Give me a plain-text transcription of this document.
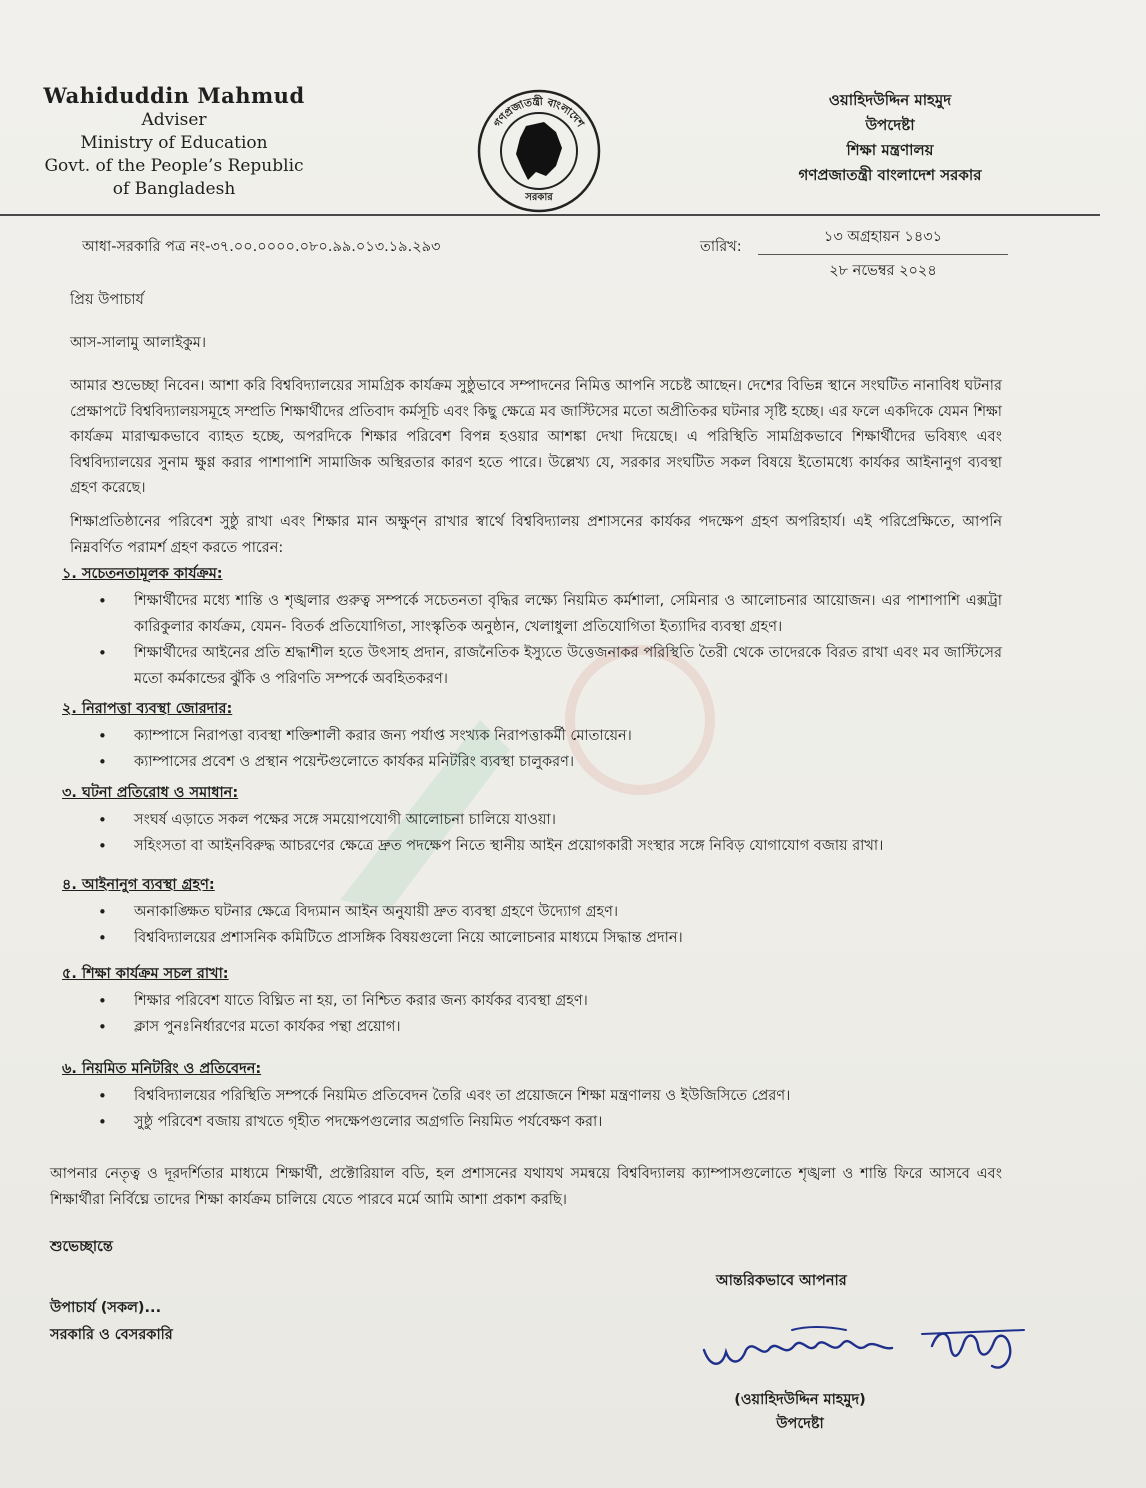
Wahiduddin Mahmud
Adviser
Ministry of Education
Govt. of the People’s Republic
of Bangladesh
গণপ্রজাতন্ত্রী বাংলাদেশ
সরকার
ওয়াহিদউদ্দিন মাহমুদ
উপদেষ্টা
শিক্ষা মন্ত্রণালয়
গণপ্রজাতন্ত্রী বাংলাদেশ সরকার
আধা-সরকারি পত্র নং-৩৭.০০.০০০০.০৮০.৯৯.০১৩.১৯.২৯৩	তারিখ:
১৩ অগ্রহায়ন ১৪৩১
২৮ নভেম্বর ২০২৪
প্রিয় উপাচার্য
আস-সালামু আলাইকুম।
আমার শুভেচ্ছা নিবেন। আশা করি বিশ্ববিদ্যালয়ের সামগ্রিক কার্যক্রম সুষ্ঠুভাবে সম্পাদনের নিমিত্ত আপনি সচেষ্ট আছেন। দেশের বিভিন্ন স্থানে সংঘটিত নানাবিধ ঘটনার প্রেক্ষাপটে বিশ্ববিদ্যালয়সমূহে সম্প্রতি শিক্ষার্থীদের প্রতিবাদ কর্মসূচি এবং কিছু ক্ষেত্রে মব জাস্টিসের মতো অপ্রীতিকর ঘটনার সৃষ্টি হচ্ছে। এর ফলে একদিকে যেমন শিক্ষা কার্যক্রম মারাত্মকভাবে ব্যাহত হচ্ছে, অপরদিকে শিক্ষার পরিবেশ বিপন্ন হওয়ার আশঙ্কা দেখা দিয়েছে। এ পরিস্থিতি সামগ্রিকভাবে শিক্ষার্থীদের ভবিষ্যৎ এবং বিশ্ববিদ্যালয়ের সুনাম ক্ষুণ্ণ করার পাশাপাশি সামাজিক অস্থিরতার কারণ হতে পারে। উল্লেখ্য যে, সরকার সংঘটিত সকল বিষয়ে ইতোমধ্যে কার্যকর আইনানুগ ব্যবস্থা গ্রহণ করেছে।
শিক্ষাপ্রতিষ্ঠানের পরিবেশ সুষ্ঠু রাখা এবং শিক্ষার মান অক্ষুণ্ন রাখার স্বার্থে বিশ্ববিদ্যালয় প্রশাসনের কার্যকর পদক্ষেপ গ্রহণ অপরিহার্য। এই পরিপ্রেক্ষিতে, আপনি নিম্নবর্ণিত পরামর্শ গ্রহণ করতে পারেন:
১. সচেতনতামূলক কার্যক্রম:
• শিক্ষার্থীদের মধ্যে শান্তি ও শৃঙ্খলার গুরুত্ব সম্পর্কে সচেতনতা বৃদ্ধির লক্ষ্যে নিয়মিত কর্মশালা, সেমিনার ও আলোচনার আয়োজন। এর পাশাপাশি এক্সট্রা কারিকুলার কার্যক্রম, যেমন- বিতর্ক প্রতিযোগিতা, সাংস্কৃতিক অনুষ্ঠান, খেলাধুলা প্রতিযোগিতা ইত্যাদির ব্যবস্থা গ্রহণ।
• শিক্ষার্থীদের আইনের প্রতি শ্রদ্ধাশীল হতে উৎসাহ প্রদান, রাজনৈতিক ইস্যুতে উত্তেজনাকর পরিস্থিতি তৈরী থেকে তাদেরকে বিরত রাখা এবং মব জাস্টিসের মতো কর্মকান্ডের ঝুঁকি ও পরিণতি সম্পর্কে অবহিতকরণ।
২. নিরাপত্তা ব্যবস্থা জোরদার:
• ক্যাম্পাসে নিরাপত্তা ব্যবস্থা শক্তিশালী করার জন্য পর্যাপ্ত সংখ্যক নিরাপত্তাকর্মী মোতায়েন।
• ক্যাম্পাসের প্রবেশ ও প্রস্থান পয়েন্টগুলোতে কার্যকর মনিটরিং ব্যবস্থা চালুকরণ।
৩. ঘটনা প্রতিরোধ ও সমাধান:
• সংঘর্ষ এড়াতে সকল পক্ষের সঙ্গে সময়োপযোগী আলোচনা চালিয়ে যাওয়া।
• সহিংসতা বা আইনবিরুদ্ধ আচরণের ক্ষেত্রে দ্রুত পদক্ষেপ নিতে স্থানীয় আইন প্রয়োগকারী সংস্থার সঙ্গে নিবিড় যোগাযোগ বজায় রাখা।
৪. আইনানুগ ব্যবস্থা গ্রহণ:
• অনাকাঙ্ক্ষিত ঘটনার ক্ষেত্রে বিদ্যমান আইন অনুযায়ী দ্রুত ব্যবস্থা গ্রহণে উদ্যোগ গ্রহণ।
• বিশ্ববিদ্যালয়ের প্রশাসনিক কমিটিতে প্রাসঙ্গিক বিষয়গুলো নিয়ে আলোচনার মাধ্যমে সিদ্ধান্ত প্রদান।
৫. শিক্ষা কার্যক্রম সচল রাখা:
• শিক্ষার পরিবেশ যাতে বিঘ্নিত না হয়, তা নিশ্চিত করার জন্য কার্যকর ব্যবস্থা গ্রহণ।
• ক্লাস পুনঃনির্ধারণের মতো কার্যকর পন্থা প্রয়োগ।
৬. নিয়মিত মনিটরিং ও প্রতিবেদন:
• বিশ্ববিদ্যালয়ের পরিস্থিতি সম্পর্কে নিয়মিত প্রতিবেদন তৈরি এবং তা প্রয়োজনে শিক্ষা মন্ত্রণালয় ও ইউজিসিতে প্রেরণ।
• সুষ্ঠু পরিবেশ বজায় রাখতে গৃহীত পদক্ষেপগুলোর অগ্রগতি নিয়মিত পর্যবেক্ষণ করা।
আপনার নেতৃত্ব ও দূরদর্শিতার মাধ্যমে শিক্ষার্থী, প্রক্টোরিয়াল বডি, হল প্রশাসনের যথাযথ সমন্বয়ে বিশ্ববিদ্যালয় ক্যাম্পাসগুলোতে শৃঙ্খলা ও শান্তি ফিরে আসবে এবং শিক্ষার্থীরা নির্বিঘ্নে তাদের শিক্ষা কার্যক্রম চালিয়ে যেতে পারবে মর্মে আমি আশা প্রকাশ করছি।
শুভেচ্ছান্তে
উপাচার্য (সকল)...
সরকারি ও বেসরকারি
আন্তরিকভাবে আপনার
(ওয়াহিদউদ্দিন মাহমুদ)
উপদেষ্টা
